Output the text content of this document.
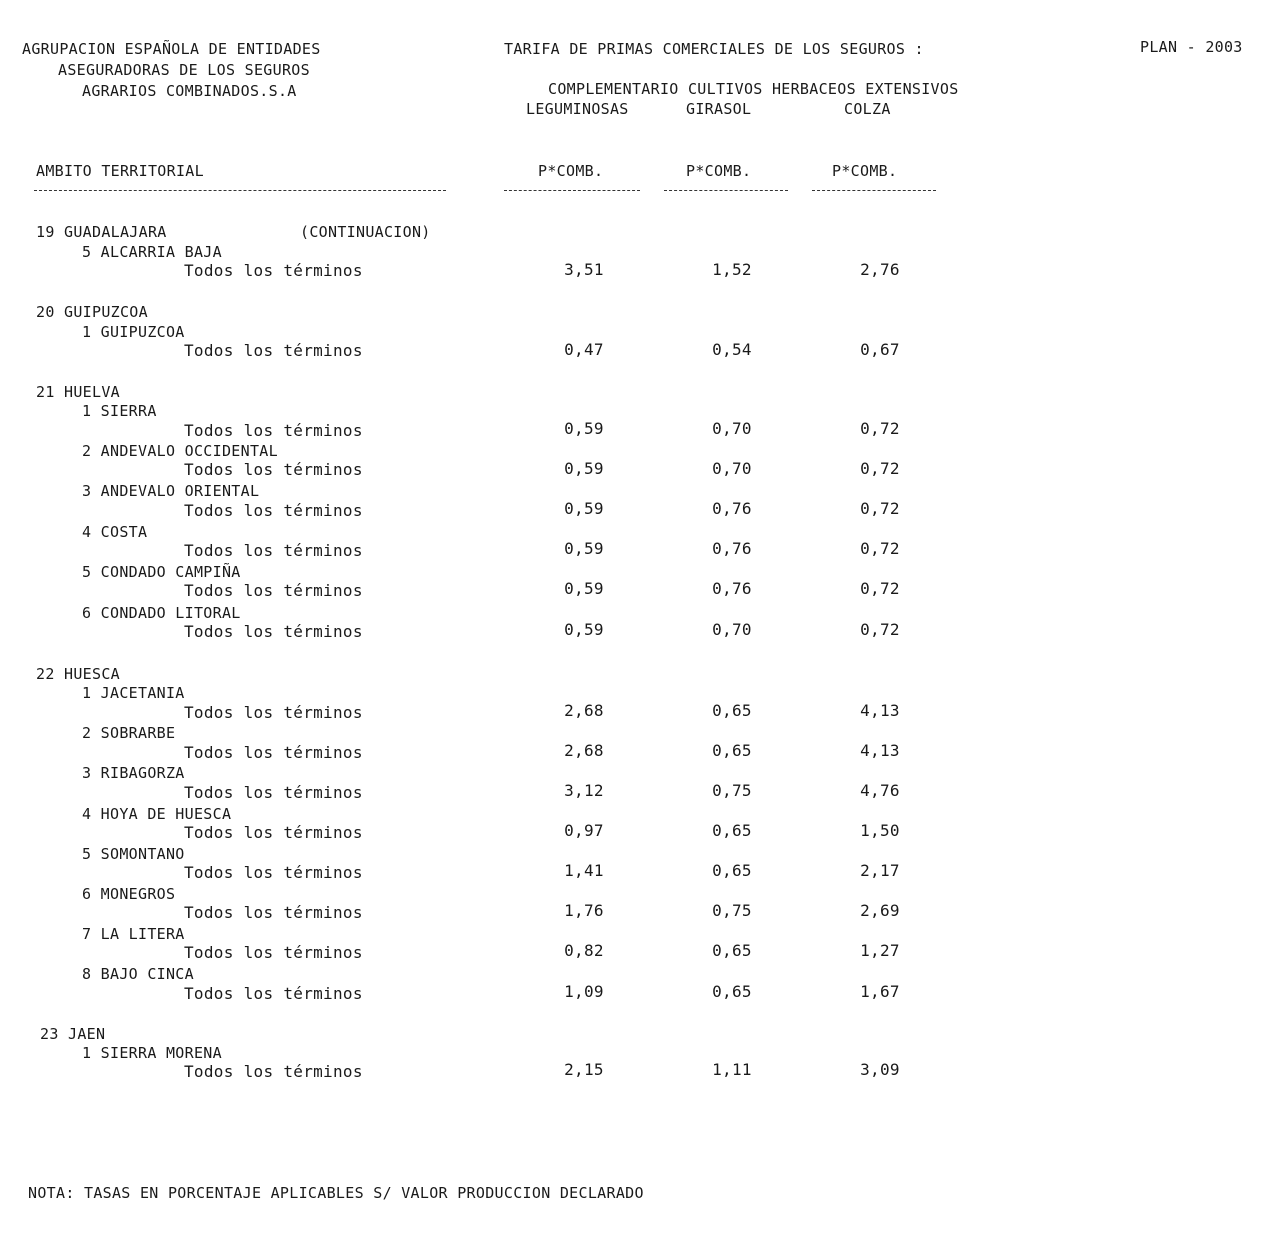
AGRUPACION ESPAÑOLA DE ENTIDADES
ASEGURADORAS DE LOS SEGUROS
AGRARIOS COMBINADOS.S.A
TARIFA DE PRIMAS COMERCIALES DE LOS SEGUROS :	PLAN - 2003
COMPLEMENTARIO CULTIVOS HERBACEOS EXTENSIVOS
LEGUMINOSAS	GIRASOL	COLZA
AMBITO TERRITORIAL	P*COMB.	P*COMB.	P*COMB.
19 GUADALAJARA	(CONTINUACION)
5 ALCARRIA BAJA
Todos los términos	3,51	1,52	2,76
20 GUIPUZCOA
1 GUIPUZCOA
Todos los términos	0,47	0,54	0,67
21 HUELVA
1 SIERRA
Todos los términos	0,59	0,70	0,72
2 ANDEVALO OCCIDENTAL
Todos los términos	0,59	0,70	0,72
3 ANDEVALO ORIENTAL
Todos los términos	0,59	0,76	0,72
4 COSTA
Todos los términos	0,59	0,76	0,72
5 CONDADO CAMPIÑA
Todos los términos	0,59	0,76	0,72
6 CONDADO LITORAL
Todos los términos	0,59	0,70	0,72
22 HUESCA
1 JACETANIA
Todos los términos	2,68	0,65	4,13
2 SOBRARBE
Todos los términos	2,68	0,65	4,13
3 RIBAGORZA
Todos los términos	3,12	0,75	4,76
4 HOYA DE HUESCA
Todos los términos	0,97	0,65	1,50
5 SOMONTANO
Todos los términos	1,41	0,65	2,17
6 MONEGROS
Todos los términos	1,76	0,75	2,69
7 LA LITERA
Todos los términos	0,82	0,65	1,27
8 BAJO CINCA
Todos los términos	1,09	0,65	1,67
23 JAEN
1 SIERRA MORENA
Todos los términos	2,15	1,11	3,09
NOTA: TASAS EN PORCENTAJE APLICABLES S/ VALOR PRODUCCION DECLARADO
